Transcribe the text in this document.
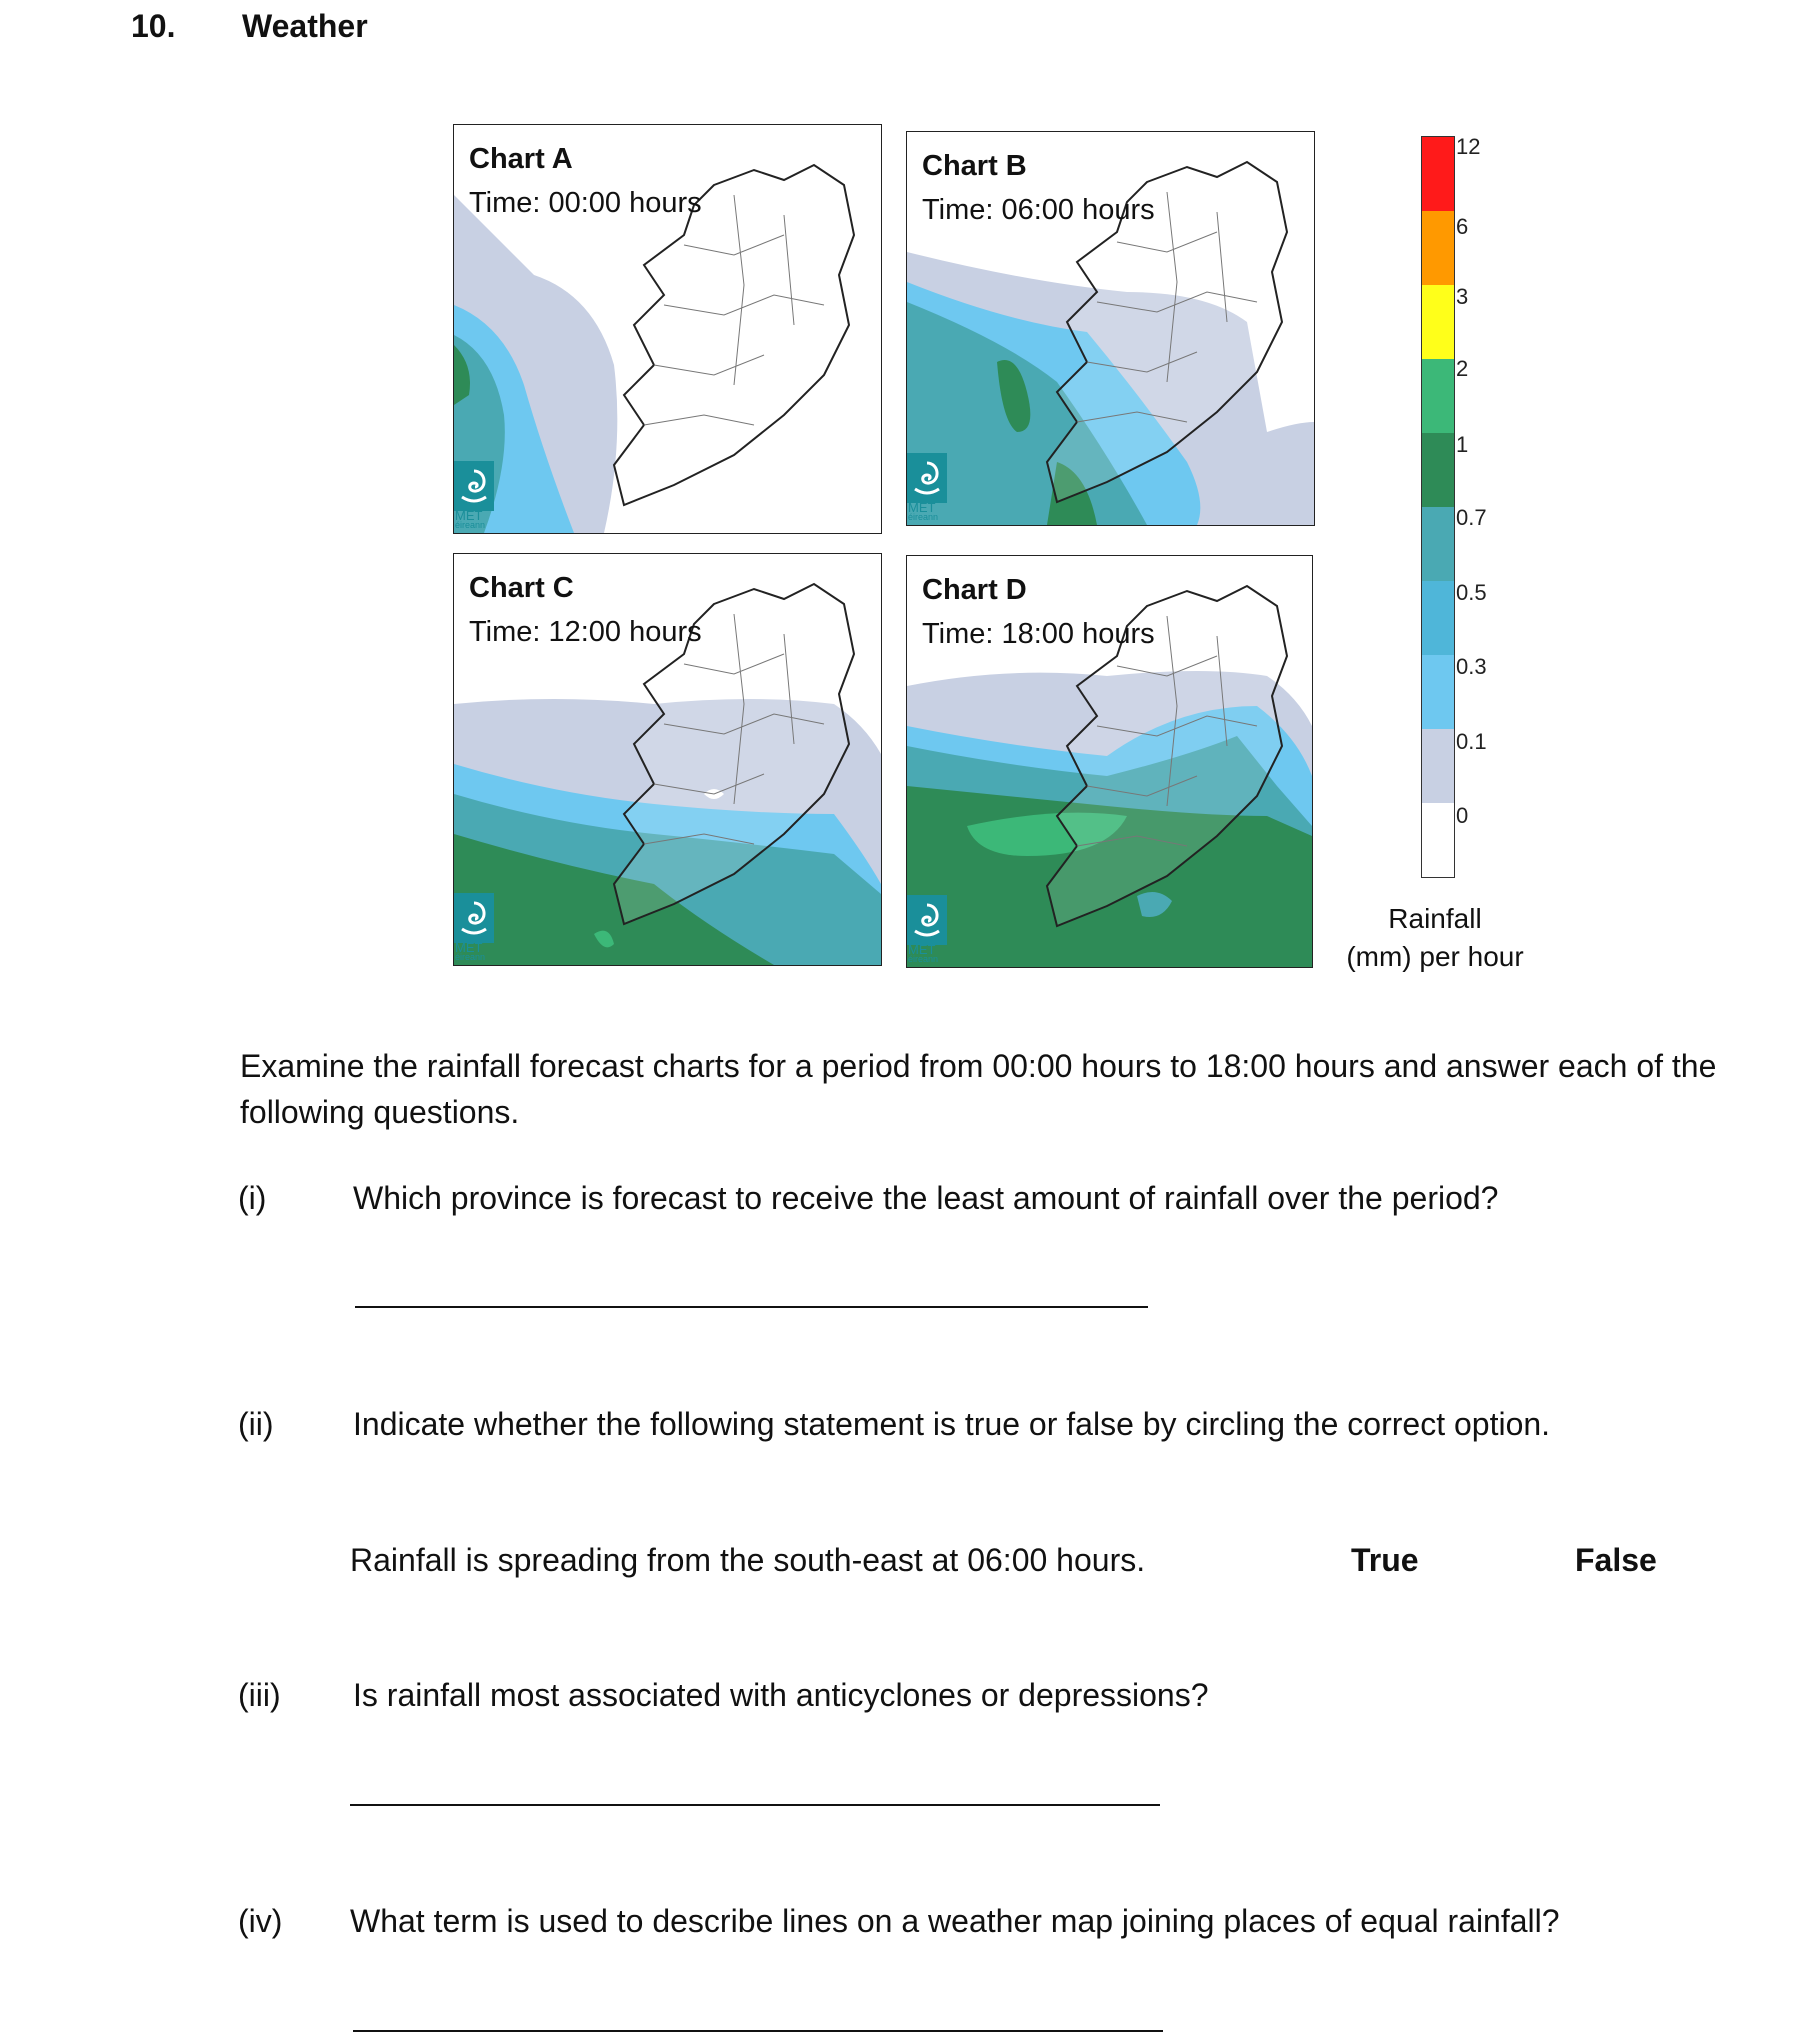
10. Weather
Chart A
Time: 00:00 hours
MET
éireann
Chart B
Time: 06:00 hours
MET
éireann
Chart C
Time: 12:00 hours
MET
éireann
Chart D
Time: 18:00 hours
MET
éireann
12
6
3
2
1
0.7
0.5
0.3
0.1
0
Rainfall
(mm) per hour
Examine the rainfall forecast charts for a period from 00:00 hours to 18:00 hours and answer each of the following questions.
(i)	Which province is forecast to receive the least amount of rainfall over the period?
(ii) Indicate whether the following statement is true or false by circling the correct option.
Rainfall is spreading from the south-east at 06:00 hours.	True	False
(iii) Is rainfall most associated with anticyclones or depressions?
(iv) What term is used to describe lines on a weather map joining places of equal rainfall?
